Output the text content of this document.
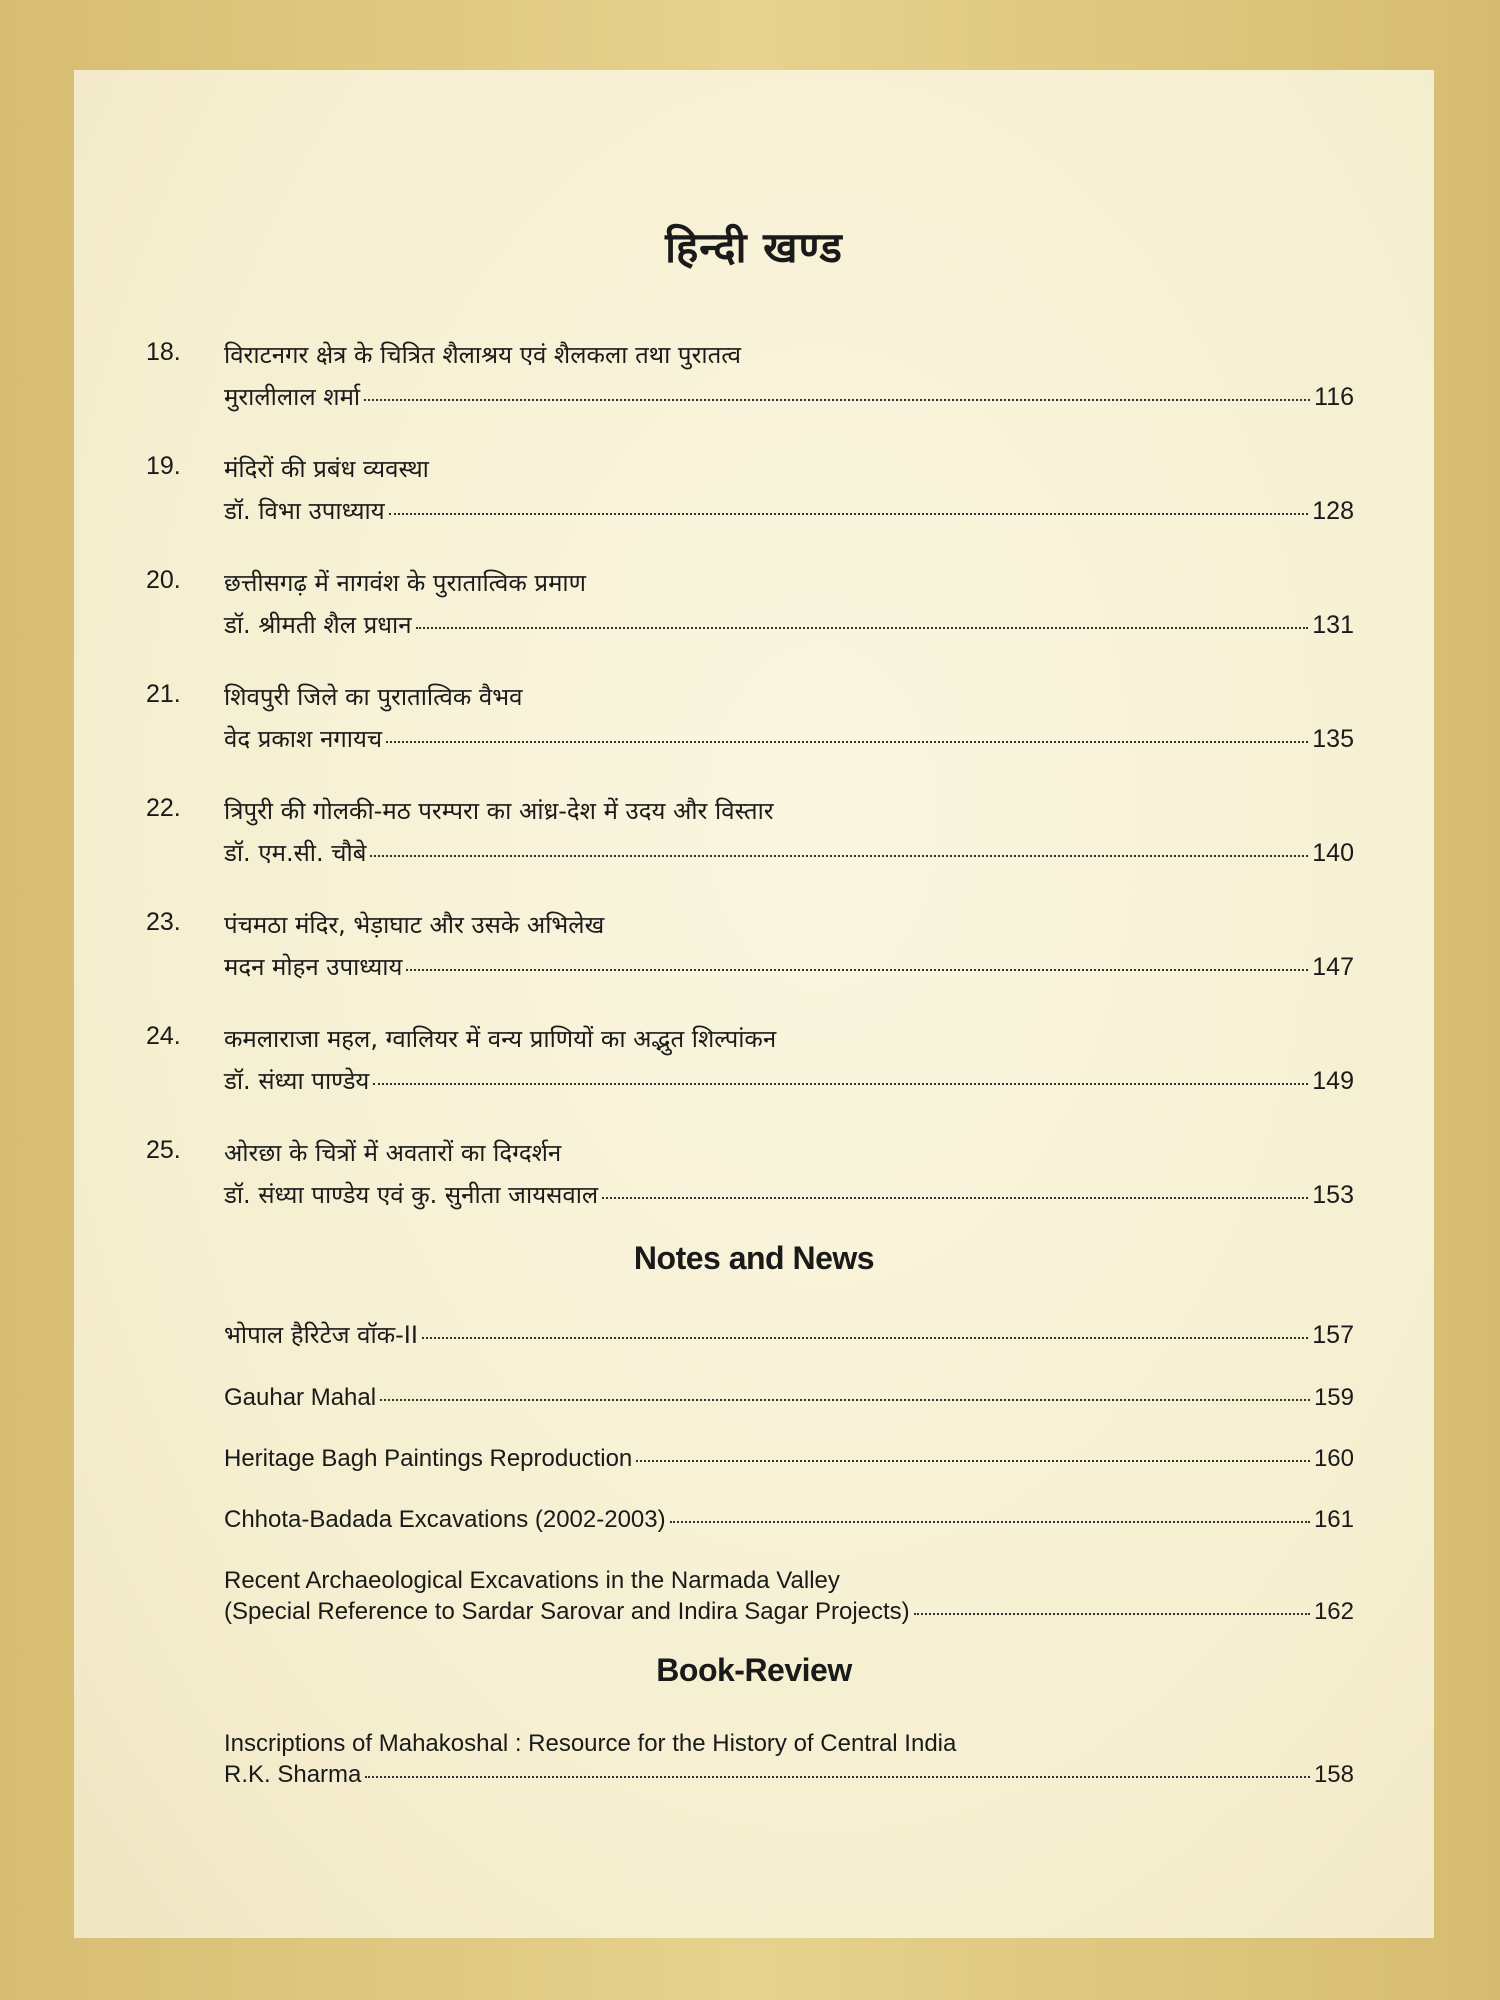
हिन्दी खण्ड
18. विराटनगर क्षेत्र के चित्रित शैलाश्रय एवं शैलकला तथा पुरातत्व
मुरालीलाल शर्मा	116
19. मंदिरों की प्रबंध व्यवस्था
डॉ. विभा उपाध्याय	128
20. छत्तीसगढ़ में नागवंश के पुरातात्विक प्रमाण
डॉ. श्रीमती शैल प्रधान	131
21. शिवपुरी जिले का पुरातात्विक वैभव
वेद प्रकाश नगायच	135
22. त्रिपुरी की गोलकी-मठ परम्परा का आंध्र-देश में उदय और विस्तार
डॉ. एम.सी. चौबे	140
23. पंचमठा मंदिर, भेड़ाघाट और उसके अभिलेख
मदन मोहन उपाध्याय	147
24. कमलाराजा महल, ग्वालियर में वन्य प्राणियों का अद्भुत शिल्पांकन
डॉ. संध्या पाण्डेय	149
25. ओरछा के चित्रों में अवतारों का दिग्दर्शन
डॉ. संध्या पाण्डेय एवं कु. सुनीता जायसवाल	153
Notes and News
भोपाल हैरिटेज वॉक-II	157
Gauhar Mahal	159
Heritage Bagh Paintings Reproduction	160
Chhota-Badada Excavations (2002-2003)	161
Recent Archaeological Excavations in the Narmada Valley
(Special Reference to Sardar Sarovar and Indira Sagar Projects)	162
Book-Review
Inscriptions of Mahakoshal : Resource for the History of Central India
R.K. Sharma	158
